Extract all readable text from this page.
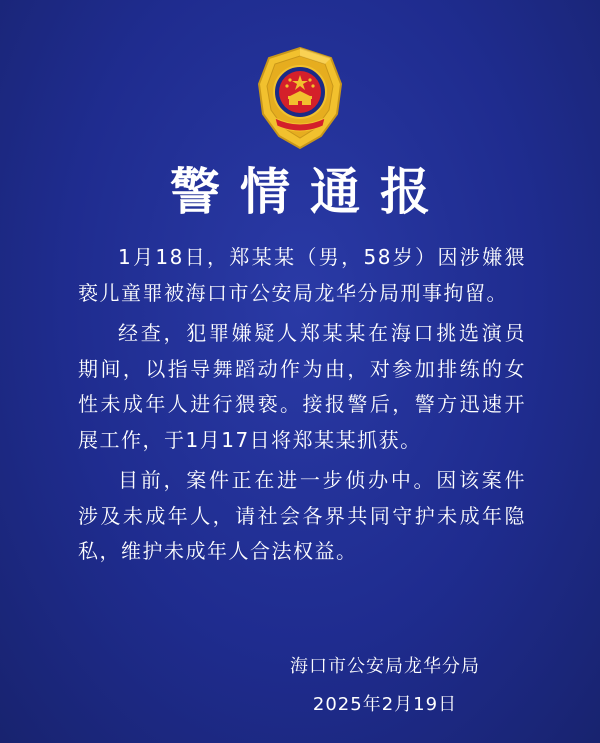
警情通报

1月18日，郑某某（男，58岁）因涉嫌猥亵儿童罪被海口市公安局龙华分局刑事拘留。

经查，犯罪嫌疑人郑某某在海口挑选演员期间，以指导舞蹈动作为由，对参加排练的女性未成年人进行猥亵。接报警后，警方迅速开展工作，于1月17日将郑某某抓获。

目前，案件正在进一步侦办中。因该案件涉及未成年人，请社会各界共同守护未成年隐私，维护未成年人合法权益。

海口市公安局龙华分局
2025年2月19日
